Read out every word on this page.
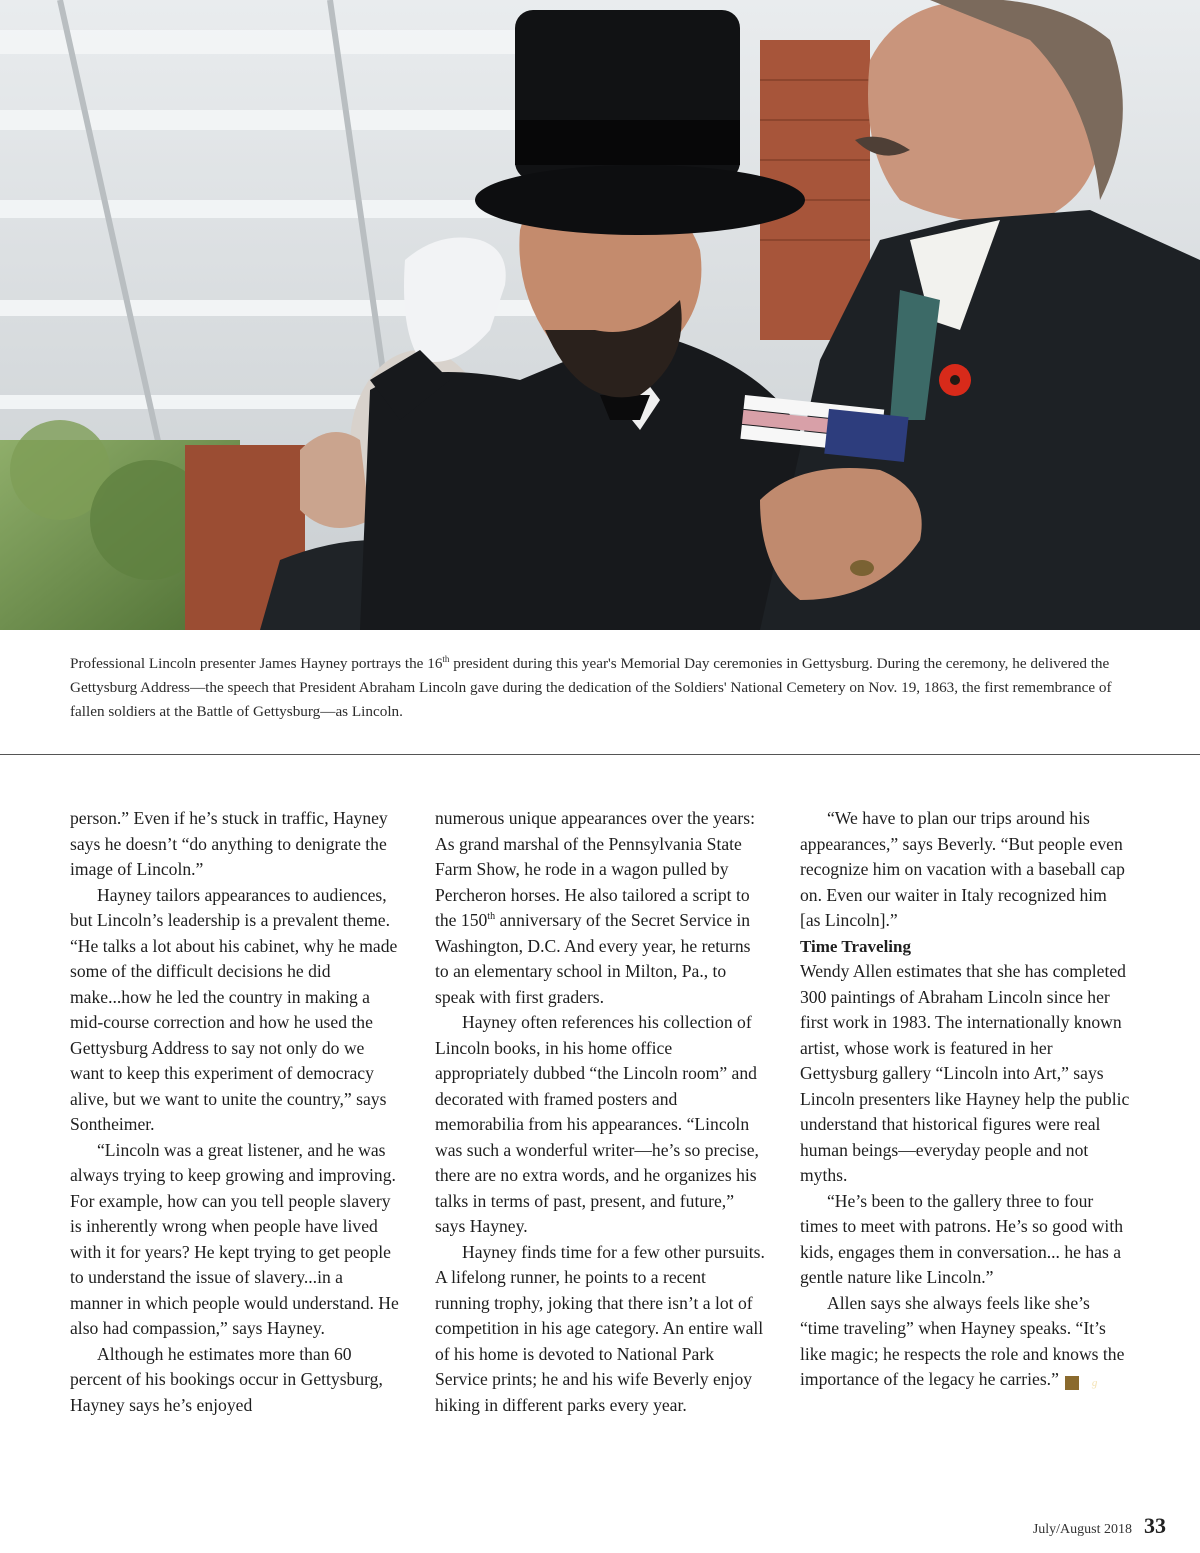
Professional Lincoln presenter James Hayney portrays the 16th president during this year's Memorial Day ceremonies in Gettysburg. During the ceremony, he delivered the Gettysburg Address—the speech that President Abraham Lincoln gave during the dedication of the Soldiers' National Cemetery on Nov. 19, 1863, the first remembrance of fallen soldiers at the Battle of Gettysburg—as Lincoln.

person.” Even if he’s stuck in traffic, Hayney says he doesn’t “do anything to denigrate the image of Lincoln.”

Hayney tailors appearances to audiences, but Lincoln’s leadership is a prevalent theme. “He talks a lot about his cabinet, why he made some of the difficult decisions he did make...how he led the country in making a mid-course correction and how he used the Gettysburg Address to say not only do we want to keep this experiment of democracy alive, but we want to unite the country,” says Sontheimer.

“Lincoln was a great listener, and he was always trying to keep growing and improving. For example, how can you tell people slavery is inherently wrong when people have lived with it for years? He kept trying to get people to understand the issue of slavery...in a manner in which people would understand. He also had compassion,” says Hayney.

Although he estimates more than 60 percent of his bookings occur in Gettysburg, Hayney says he’s enjoyed

numerous unique appearances over the years: As grand marshal of the Pennsylvania State Farm Show, he rode in a wagon pulled by Percheron horses. He also tailored a script to the 150th anniversary of the Secret Service in Washington, D.C. And every year, he returns to an elementary school in Milton, Pa., to speak with first graders.

Hayney often references his collection of Lincoln books, in his home office appropriately dubbed “the Lincoln room” and decorated with framed posters and memorabilia from his appearances. “Lincoln was such a wonderful writer—he’s so precise, there are no extra words, and he organizes his talks in terms of past, present, and future,” says Hayney.

Hayney finds time for a few other pursuits. A lifelong runner, he points to a recent running trophy, joking that there isn’t a lot of competition in his age category. An entire wall of his home is devoted to National Park Service prints; he and his wife Beverly enjoy hiking in different parks every year.

“We have to plan our trips around his appearances,” says Beverly. “But people even recognize him on vacation with a baseball cap on. Even our waiter in Italy recognized him [as Lincoln].”

Time Traveling

Wendy Allen estimates that she has completed 300 paintings of Abraham Lincoln since her first work in 1983. The internationally known artist, whose work is featured in her Gettysburg gallery “Lincoln into Art,” says Lincoln presenters like Hayney help the public understand that historical figures were real human beings—everyday people and not myths.

“He’s been to the gallery three to four times to meet with patrons. He’s so good with kids, engages them in conversation... he has a gentle nature like Lincoln.”

Allen says she always feels like she’s “time traveling” when Hayney speaks. “It’s like magic; he respects the role and knows the importance of the legacy he carries.”	g

July/August 2018 33
